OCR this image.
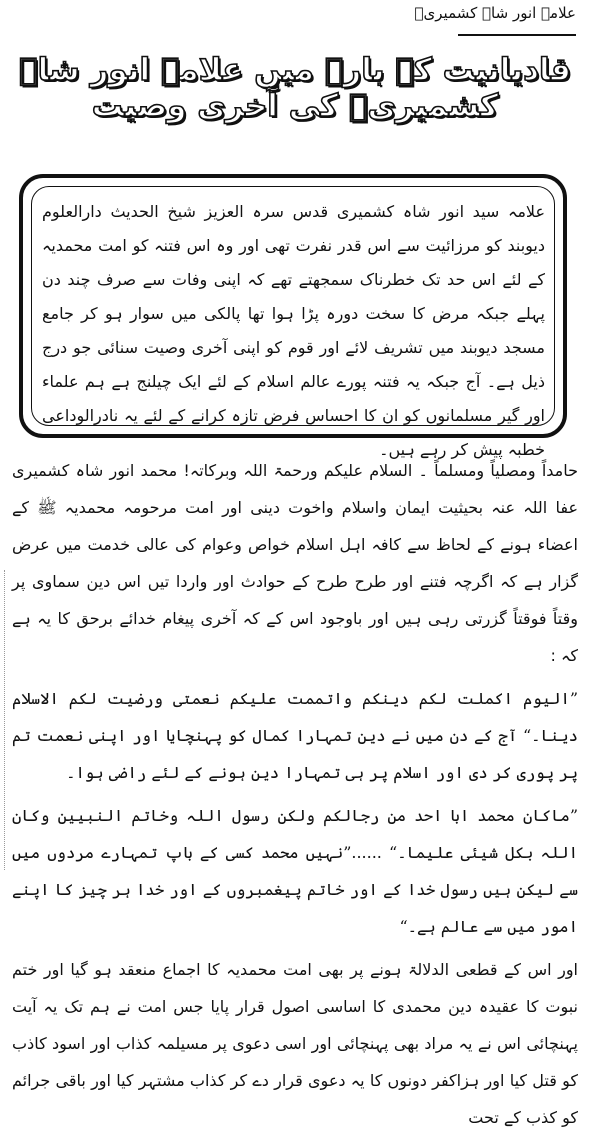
علامہ انور شاہ کشمیریؒ
قادیانیت کے بارہ میں علامہ انور شاہ کشمیریؒ کی آخری وصیت
علامہ سید انور شاہ کشمیری قدس سرہ العزیز شیخ الحدیث دارالعلوم دیوبند کو مرزائیت سے اس قدر نفرت تھی اور وہ اس فتنہ کو امت محمدیہ کے لئے اس حد تک خطرناک سمجھتے تھے کہ اپنی وفات سے صرف چند دن پہلے جبکہ مرض کا سخت دورہ پڑا ہوا تھا پالکی میں سوار ہو کر جامع مسجد دیوبند میں تشریف لائے اور قوم کو اپنی آخری وصیت سنائی جو درج ذیل ہے۔ آج جبکہ یہ فتنہ پورے عالم اسلام کے لئے ایک چیلنج ہے ہم علماء اور گیر مسلمانوں کو ان کا احساس فرض تازہ کرانے کے لئے یہ نادرالوداعی خطبہ پیش کر رہے ہیں۔

حامداً ومصلیاً ومسلماً ۔ السلام علیکم ورحمۃ اللہ وبرکاتہ! محمد انور شاہ کشمیری عفا اللہ عنہ بحیثیت ایمان واسلام واخوت دینی اور امت مرحومہ محمدیہ ﷺ کے اعضاء ہونے کے لحاظ سے کافہ اہل اسلام خواص وعوام کی عالی خدمت میں عرض گزار ہے کہ اگرچہ فتنے اور طرح طرح کے حوادث اور واردا تیں اس دین سماوی پر وقتاً فوقتاً گزرتی رہی ہیں اور باوجود اس کے کہ آخری پیغام خدائے برحق کا یہ ہے کہ :

”الیوم اکملت لکم دینکم واتممت علیکم نعمتی ورضیت لکم الاسلام دینا۔“ آج کے دن میں نے دین تمہارا کمال کو پہنچایا اور اپنی نعمت تم پر پوری کر دی اور اسلام پر ہی تمہارا دین ہونے کے لئے راضی ہوا۔

”ماکان محمد ابا احد من رجالکم ولکن رسول اللہ وخاتم النبیین وکان اللہ بکل شیئی علیما۔“ ......”نہیں محمد کسی کے باپ تمہارے مردوں میں سے لیکن ہیں رسول خدا کے اور خاتم پیغمبروں کے اور خدا ہر چیز کا اپنے امور میں سے عالم ہے۔“

اور اس کے قطعی الدلالۃ ہونے پر بھی امت محمدیہ کا اجماع منعقد ہو گیا اور ختم نبوت کا عقیدہ دین محمدی کا اساسی اصول قرار پایا جس امت نے ہم تک یہ آیت پہنچائی اس نے یہ مراد بھی پہنچائی اور اسی دعوی پر مسیلمہ کذاب اور اسود کاذب کو قتل کیا اور ہزاکفر دونوں کا یہ دعوی قرار دے کر کذاب مشتہر کیا اور باقی جرائم کو کذب کے تحت
